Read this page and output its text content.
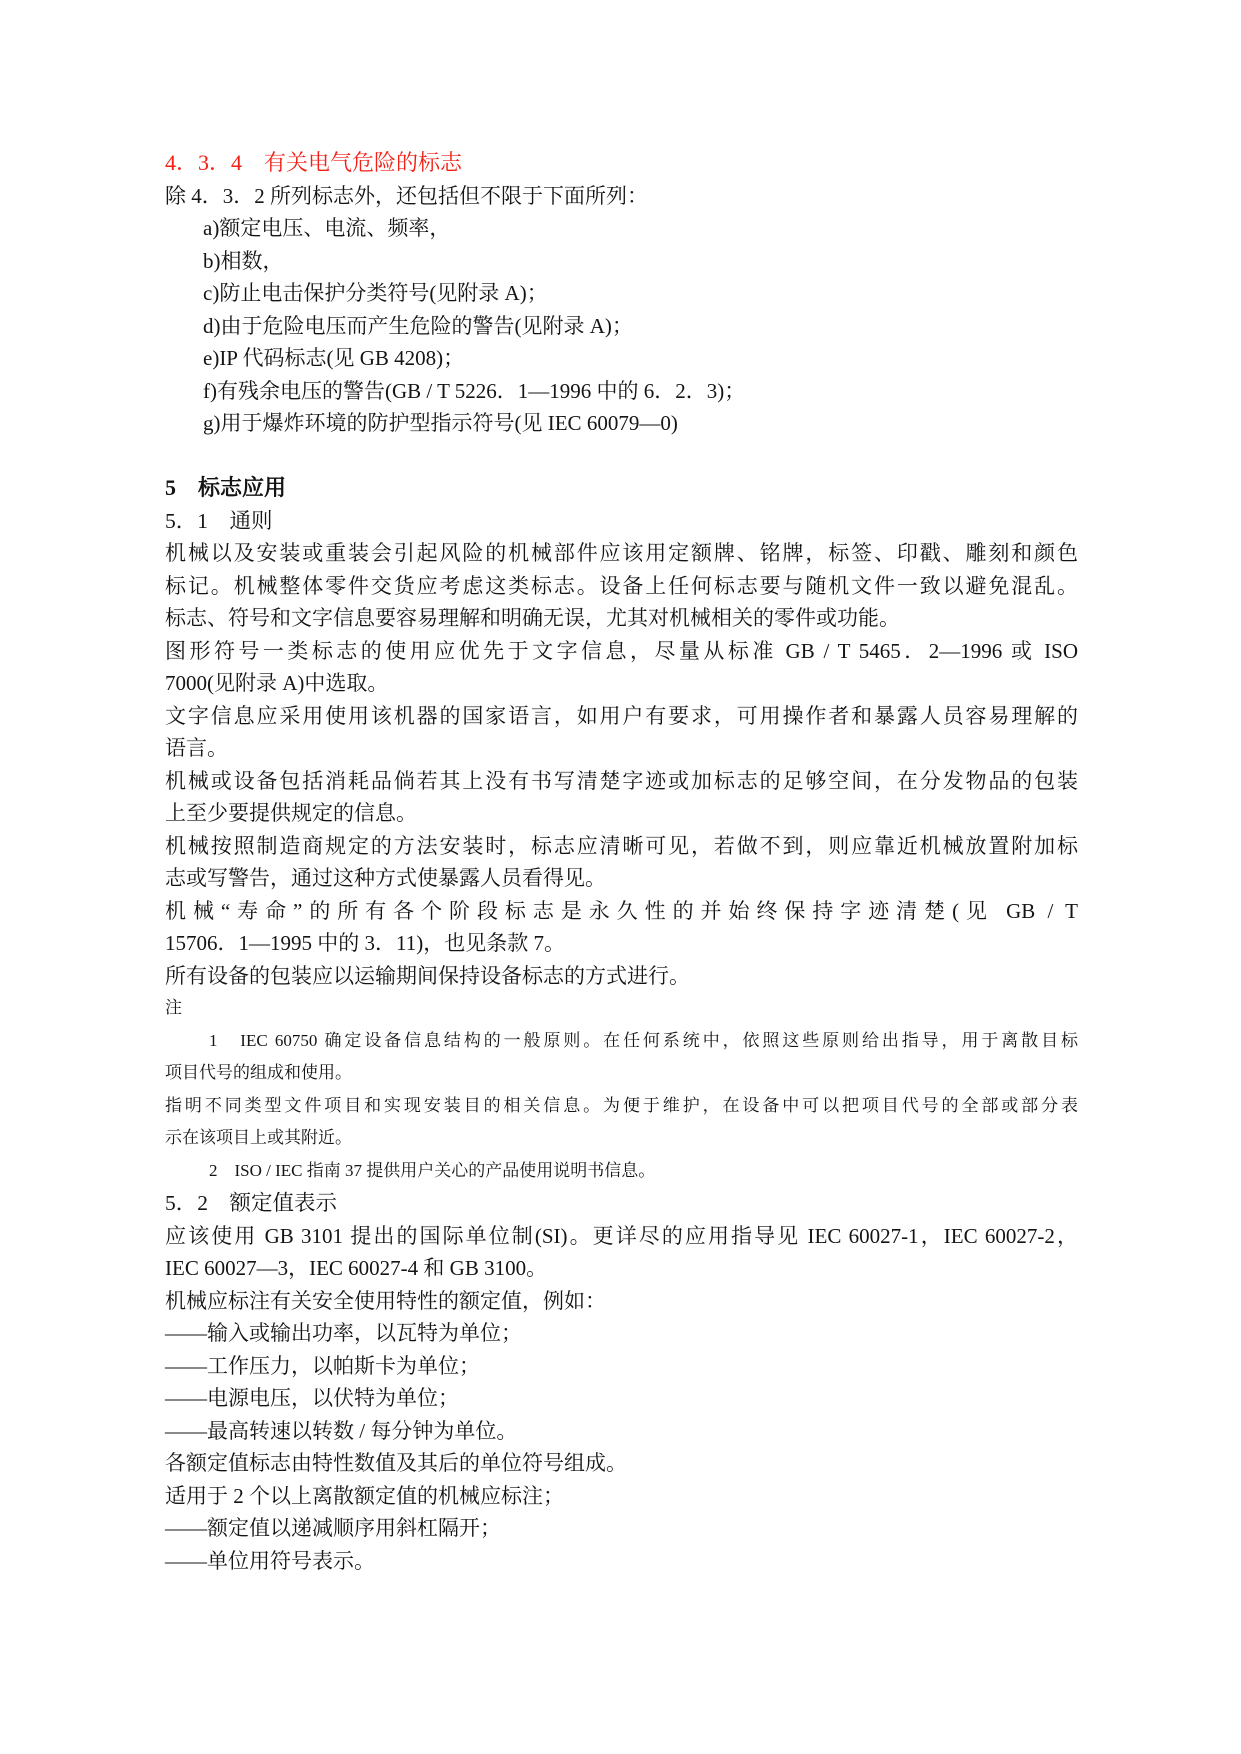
4．3．4　有关电气危险的标志
除 4．3．2 所列标志外，还包括但不限于下面所列：
a)额定电压、电流、频率，
b)相数，
c)防止电击保护分类符号(见附录 A)；
d)由于危险电压而产生危险的警告(见附录 A)；
e)IP 代码标志(见 GB 4208)；
f)有残余电压的警告(GB / T 5226．1—1996 中的 6．2．3)；
g)用于爆炸环境的防护型指示符号(见 IEC 60079—0)
5　标志应用
5．1　通则
机械以及安装或重装会引起风险的机械部件应该用定额牌、铭牌，标签、印戳、雕刻和颜色
标记。机械整体零件交货应考虑这类标志。设备上任何标志要与随机文件一致以避免混乱。
标志、符号和文字信息要容易理解和明确无误，尤其对机械相关的零件或功能。
图形符号一类标志的使用应优先于文字信息，尽量从标准 GB / T 5465．2—1996 或 ISO
7000(见附录 A)中选取。
文字信息应采用使用该机器的国家语言，如用户有要求，可用操作者和暴露人员容易理解的
语言。
机械或设备包括消耗品倘若其上没有书写清楚字迹或加标志的足够空间，在分发物品的包装
上至少要提供规定的信息。
机械按照制造商规定的方法安装时，标志应清晰可见，若做不到，则应靠近机械放置附加标
志或写警告，通过这种方式使暴露人员看得见。
机械“寿命”的所有各个阶段标志是永久性的并始终保持字迹清楚(见 GB / T
15706．1—1995 中的 3．11)，也见条款 7。
所有设备的包装应以运输期间保持设备标志的方式进行。
注
1　IEC 60750 确定设备信息结构的一般原则。在任何系统中，依照这些原则给出指导，用于离散目标
项目代号的组成和使用。
指明不同类型文件项目和实现安装目的相关信息。为便于维护，在设备中可以把项目代号的全部或部分表
示在该项目上或其附近。
2　ISO / IEC 指南 37 提供用户关心的产品使用说明书信息。
5．2　额定值表示
应该使用 GB 3101 提出的国际单位制(SI)。更详尽的应用指导见 IEC 60027-1，IEC 60027-2，
IEC 60027—3，IEC 60027-4 和 GB 3100。
机械应标注有关安全使用特性的额定值，例如：
——输入或输出功率，以瓦特为单位；
——工作压力，以帕斯卡为单位；
——电源电压，以伏特为单位；
——最高转速以转数 / 每分钟为单位。
各额定值标志由特性数值及其后的单位符号组成。
适用于 2 个以上离散额定值的机械应标注；
——额定值以递减顺序用斜杠隔开；
——单位用符号表示。
